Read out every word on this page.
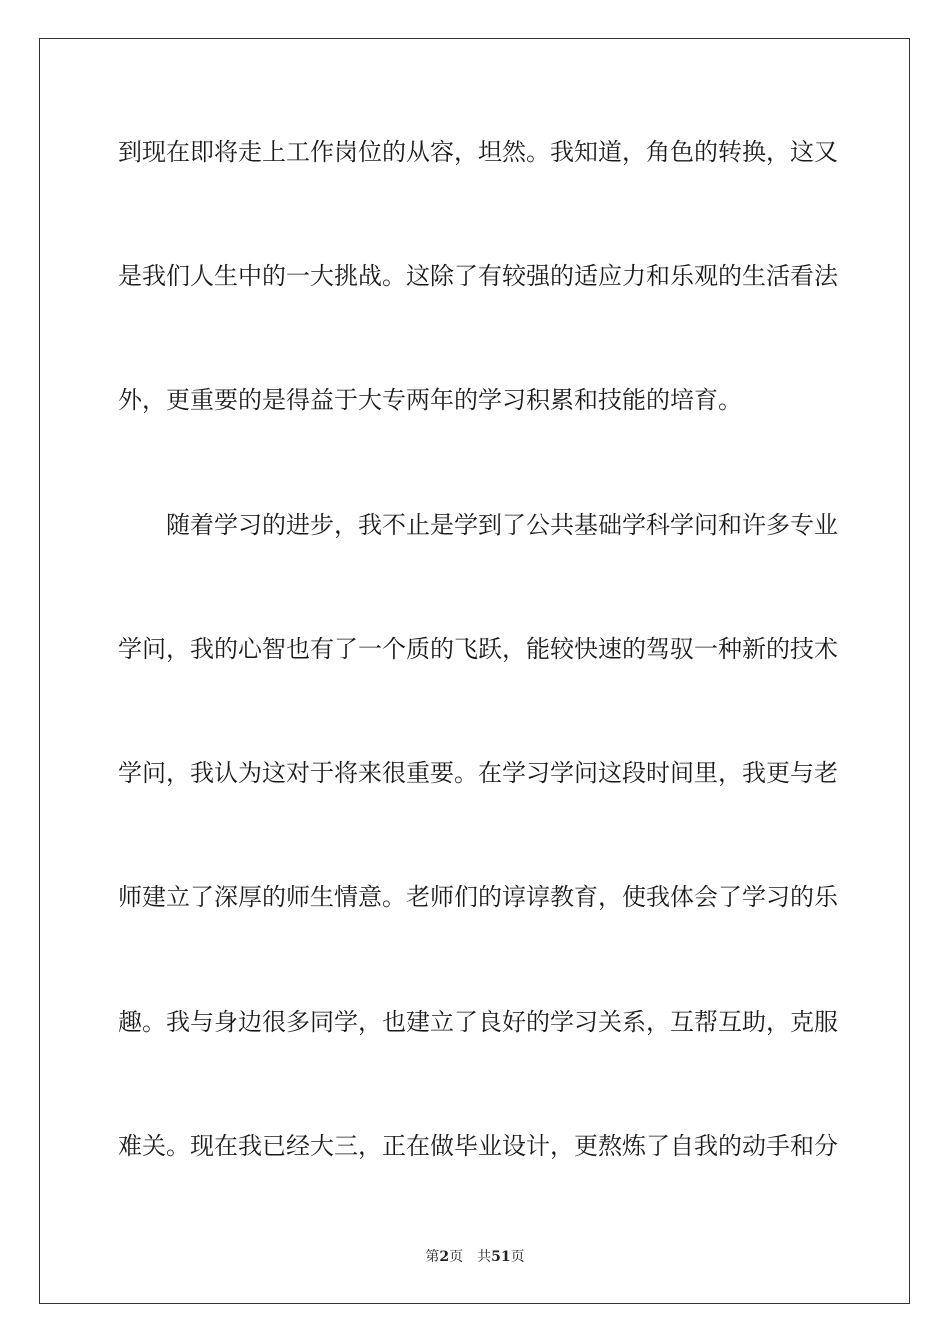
到现在即将走上工作岗位的从容，坦然。我知道，角色的转换，这又
是我们人生中的一大挑战。这除了有较强的适应力和乐观的生活看法
外，更重要的是得益于大专两年的学习积累和技能的培育。
随着学习的进步，我不止是学到了公共基础学科学问和许多专业
学问，我的心智也有了一个质的飞跃，能较快速的驾驭一种新的技术
学问，我认为这对于将来很重要。在学习学问这段时间里，我更与老
师建立了深厚的师生情意。老师们的谆谆教育，使我体会了学习的乐
趣。我与身边很多同学，也建立了良好的学习关系，互帮互助，克服
难关。现在我已经大三，正在做毕业设计，更熬炼了自我的动手和分
第2页 共51页
